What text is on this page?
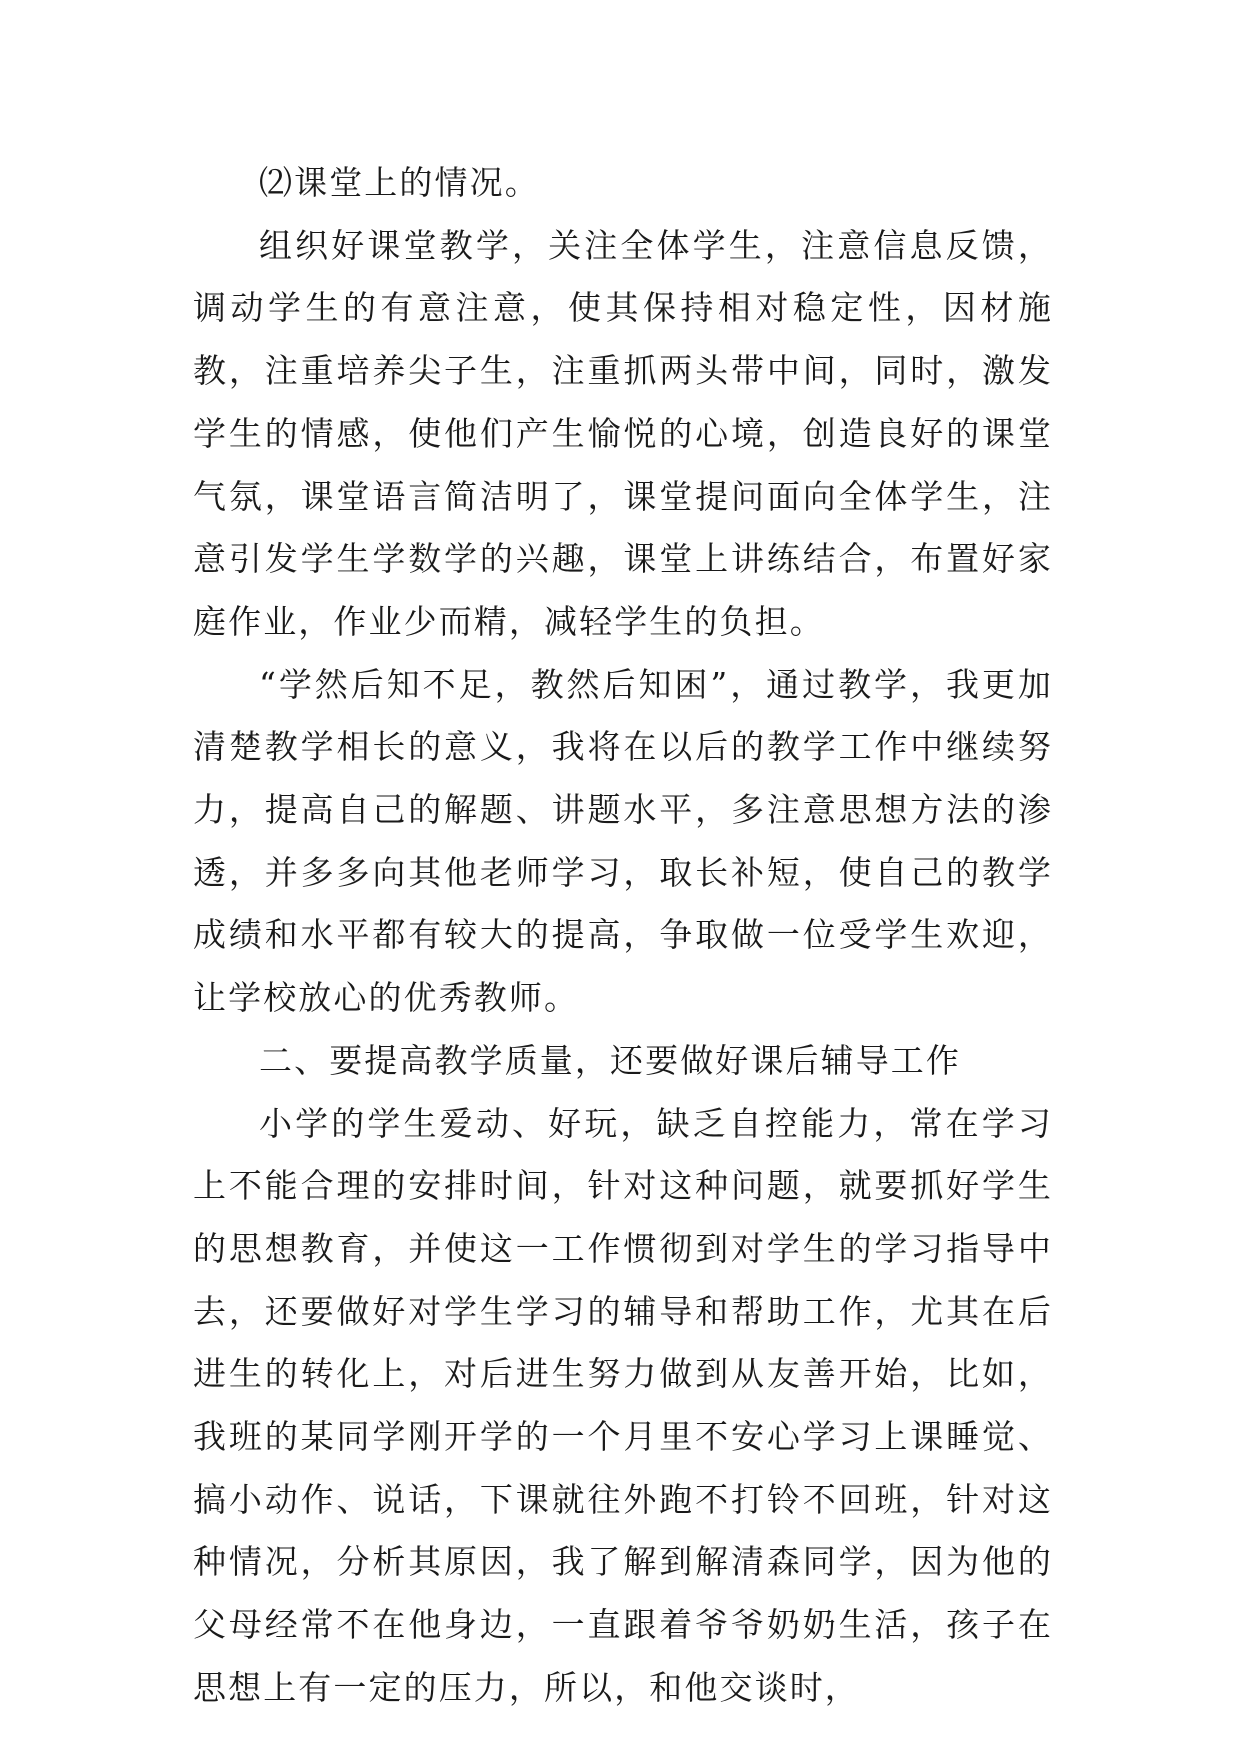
⑵课堂上的情况。

组织好课堂教学，关注全体学生，注意信息反馈，调动学生的有意注意，使其保持相对稳定性，因材施教，注重培养尖子生，注重抓两头带中间，同时，激发学生的情感，使他们产生愉悦的心境，创造良好的课堂气氛，课堂语言简洁明了，课堂提问面向全体学生，注意引发学生学数学的兴趣，课堂上讲练结合，布置好家庭作业，作业少而精，减轻学生的负担。

“学然后知不足，教然后知困”，通过教学，我更加清楚教学相长的意义，我将在以后的教学工作中继续努力，提高自己的解题、讲题水平，多注意思想方法的渗透，并多多向其他老师学习，取长补短，使自己的教学成绩和水平都有较大的提高，争取做一位受学生欢迎，让学校放心的优秀教师。

二、要提高教学质量，还要做好课后辅导工作

小学的学生爱动、好玩，缺乏自控能力，常在学习上不能合理的安排时间，针对这种问题，就要抓好学生的思想教育，并使这一工作惯彻到对学生的学习指导中去，还要做好对学生学习的辅导和帮助工作，尤其在后进生的转化上，对后进生努力做到从友善开始，比如，我班的某同学刚开学的一个月里不安心学习上课睡觉、搞小动作、说话，下课就往外跑不打铃不回班，针对这种情况，分析其原因，我了解到解清森同学，因为他的父母经常不在他身边，一直跟着爷爷奶奶生活，孩子在思想上有一定的压力，所以，和他交谈时，
